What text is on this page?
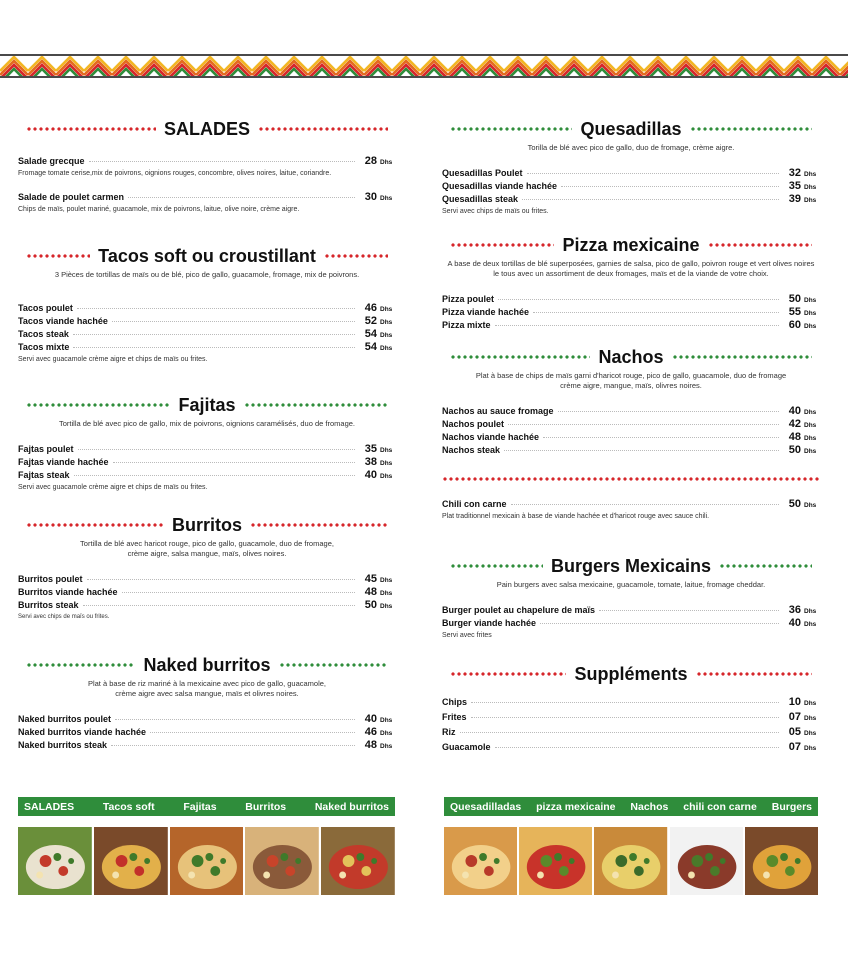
SALADES
Salade grecque	28 Dhs
Fromage tomate cerise,mix de poivrons, oignions rouges, concombre, olives noires, laitue, coriandre.
Salade de poulet carmen	30 Dhs
Chips de maïs, poulet mariné, guacamole, mix de poivrons, laitue, olive noire, crème aigre.
Tacos soft ou croustillant
3 Pièces de tortillas de maïs ou de blé, pico de gallo, guacamole, fromage, mix de poivrons.
Tacos poulet	46 Dhs
Tacos viande hachée	52 Dhs
Tacos steak	54 Dhs
Tacos mixte	54 Dhs
Servi avec guacamole crème aigre et chips de maïs ou frites.
Fajitas
Tortilla de blé avec pico de gallo, mix de poivrons, oignions caramélisés, duo de fromage.
Fajtas poulet	35 Dhs
Fajtas viande hachée	38 Dhs
Fajtas steak	40 Dhs
Servi avec guacamole crème aigre et chips de maïs ou frites.
Burritos
Tortilla de blé avec haricot rouge, pico de gallo, guacamole, duo de fromage,
crème aigre, salsa mangue, maïs, olives noires.
Burritos poulet	45 Dhs
Burritos viande hachée	48 Dhs
Burritos steak	50 Dhs
Servi avec chips de maïs ou frites.
Naked burritos
Plat à base de riz mariné à la mexicaine avec pico de gallo, guacamole,
crème aigre avec salsa mangue, maïs et olivres noires.
Naked burritos poulet	40 Dhs
Naked burritos viande hachée	46 Dhs
Naked burritos steak	48 Dhs
Quesadillas
Torilla de blé avec pico de gallo, duo de fromage, crème aigre.
Quesadillas Poulet	32 Dhs
Quesadillas viande hachée	35 Dhs
Quesadillas steak	39 Dhs
Servi avec chips de maïs ou frites.
Pizza mexicaine
A base de deux tortillas de blé superposées, garnies de salsa, pico de gallo, poivron rouge et vert olives noires
le tous avec un assortiment de deux fromages, maïs et de la viande de votre choix.
Pizza poulet	50 Dhs
Pizza viande hachée	55 Dhs
Pizza mixte	60 Dhs
Nachos
Plat à base de chips de maïs garni d'haricot rouge, pico de gallo, guacamole, duo de fromage
crème aigre, mangue, maïs, olivres noires.
Nachos au sauce fromage	40 Dhs
Nachos poulet	42 Dhs
Nachos viande hachée	48 Dhs
Nachos steak	50 Dhs
Chili con carne	50 Dhs
Plat traditionnel mexicain à base de viande hachée et d'haricot rouge avec sauce chili.
Burgers Mexicains
Pain burgers avec salsa mexicaine, guacamole, tomate, laitue, fromage cheddar.
Burger poulet au chapelure de maïs	36 Dhs
Burger viande hachée	40 Dhs
Servi avec frites
Suppléments
Chips	10 Dhs
Frites	07 Dhs
Riz	05 Dhs
Guacamole	07 Dhs
SALADES	Tacos soft	Fajitas	Burritos	Naked burritos	Quesadilladas pizza mexicaine Nachos chili con carne Burgers
